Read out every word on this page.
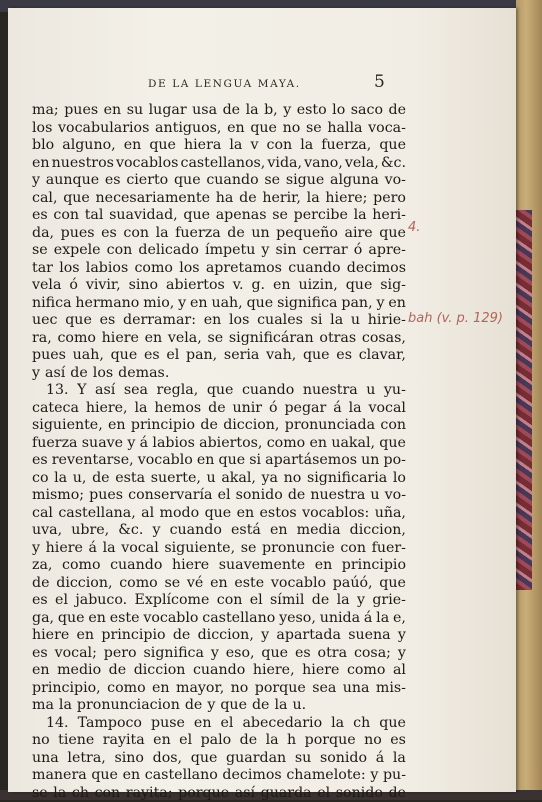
DE LA LENGUA MAYA.	5
ma; pues en su lugar usa de la b, y esto lo saco de
los vocabularios antiguos, en que no se halla voca-
blo alguno, en que hiera la v con la fuerza, que
en nuestros vocablos castellanos, vida, vano, vela, &c.
y aunque es cierto que cuando se sigue alguna vo-
cal, que necesariamente ha de herir, la hiere; pero
es con tal suavidad, que apenas se percibe la heri-
da, pues es con la fuerza de un pequeño aire que
se expele con delicado ímpetu y sin cerrar ó apre-
tar los labios como los apretamos cuando decimos
vela ó vivir, sino abiertos v. g. en uizin, que sig-
nifica hermano mio, y en uah, que significa pan, y en
uec que es derramar: en los cuales si la u hirie-
ra, como hiere en vela, se significáran otras cosas,
pues uah, que es el pan, seria vah, que es clavar,
y así de los demas.
13. Y así sea regla, que cuando nuestra u yu-
cateca hiere, la hemos de unir ó pegar á la vocal
siguiente, en principio de diccion, pronunciada con
fuerza suave y á labios abiertos, como en uakal, que
es reventarse, vocablo en que si apartásemos un po-
co la u, de esta suerte, u akal, ya no significaria lo
mismo; pues conservaría el sonido de nuestra u vo-
cal castellana, al modo que en estos vocablos: uña,
uva, ubre, &c. y cuando está en media diccion,
y hiere á la vocal siguiente, se pronuncie con fuer-
za, como cuando hiere suavemente en principio
de diccion, como se vé en este vocablo paúó, que
es el jabuco. Explícome con el símil de la y grie-
ga, que en este vocablo castellano yeso, unida á la e,
hiere en principio de diccion, y apartada suena y
es vocal; pero significa y eso, que es otra cosa; y
en medio de diccion cuando hiere, hiere como al
principio, como en mayor, no porque sea una mis-
ma la pronunciacion de y que de la u.
14. Tampoco puse en el abecedario la ch que
no tiene rayita en el palo de la h porque no es
una letra, sino dos, que guardan su sonido á la
manera que en castellano decimos chamelote: y pu-
se la ch con rayita; porque así guarda el sonido de
4.
bah (v. p. 129)
